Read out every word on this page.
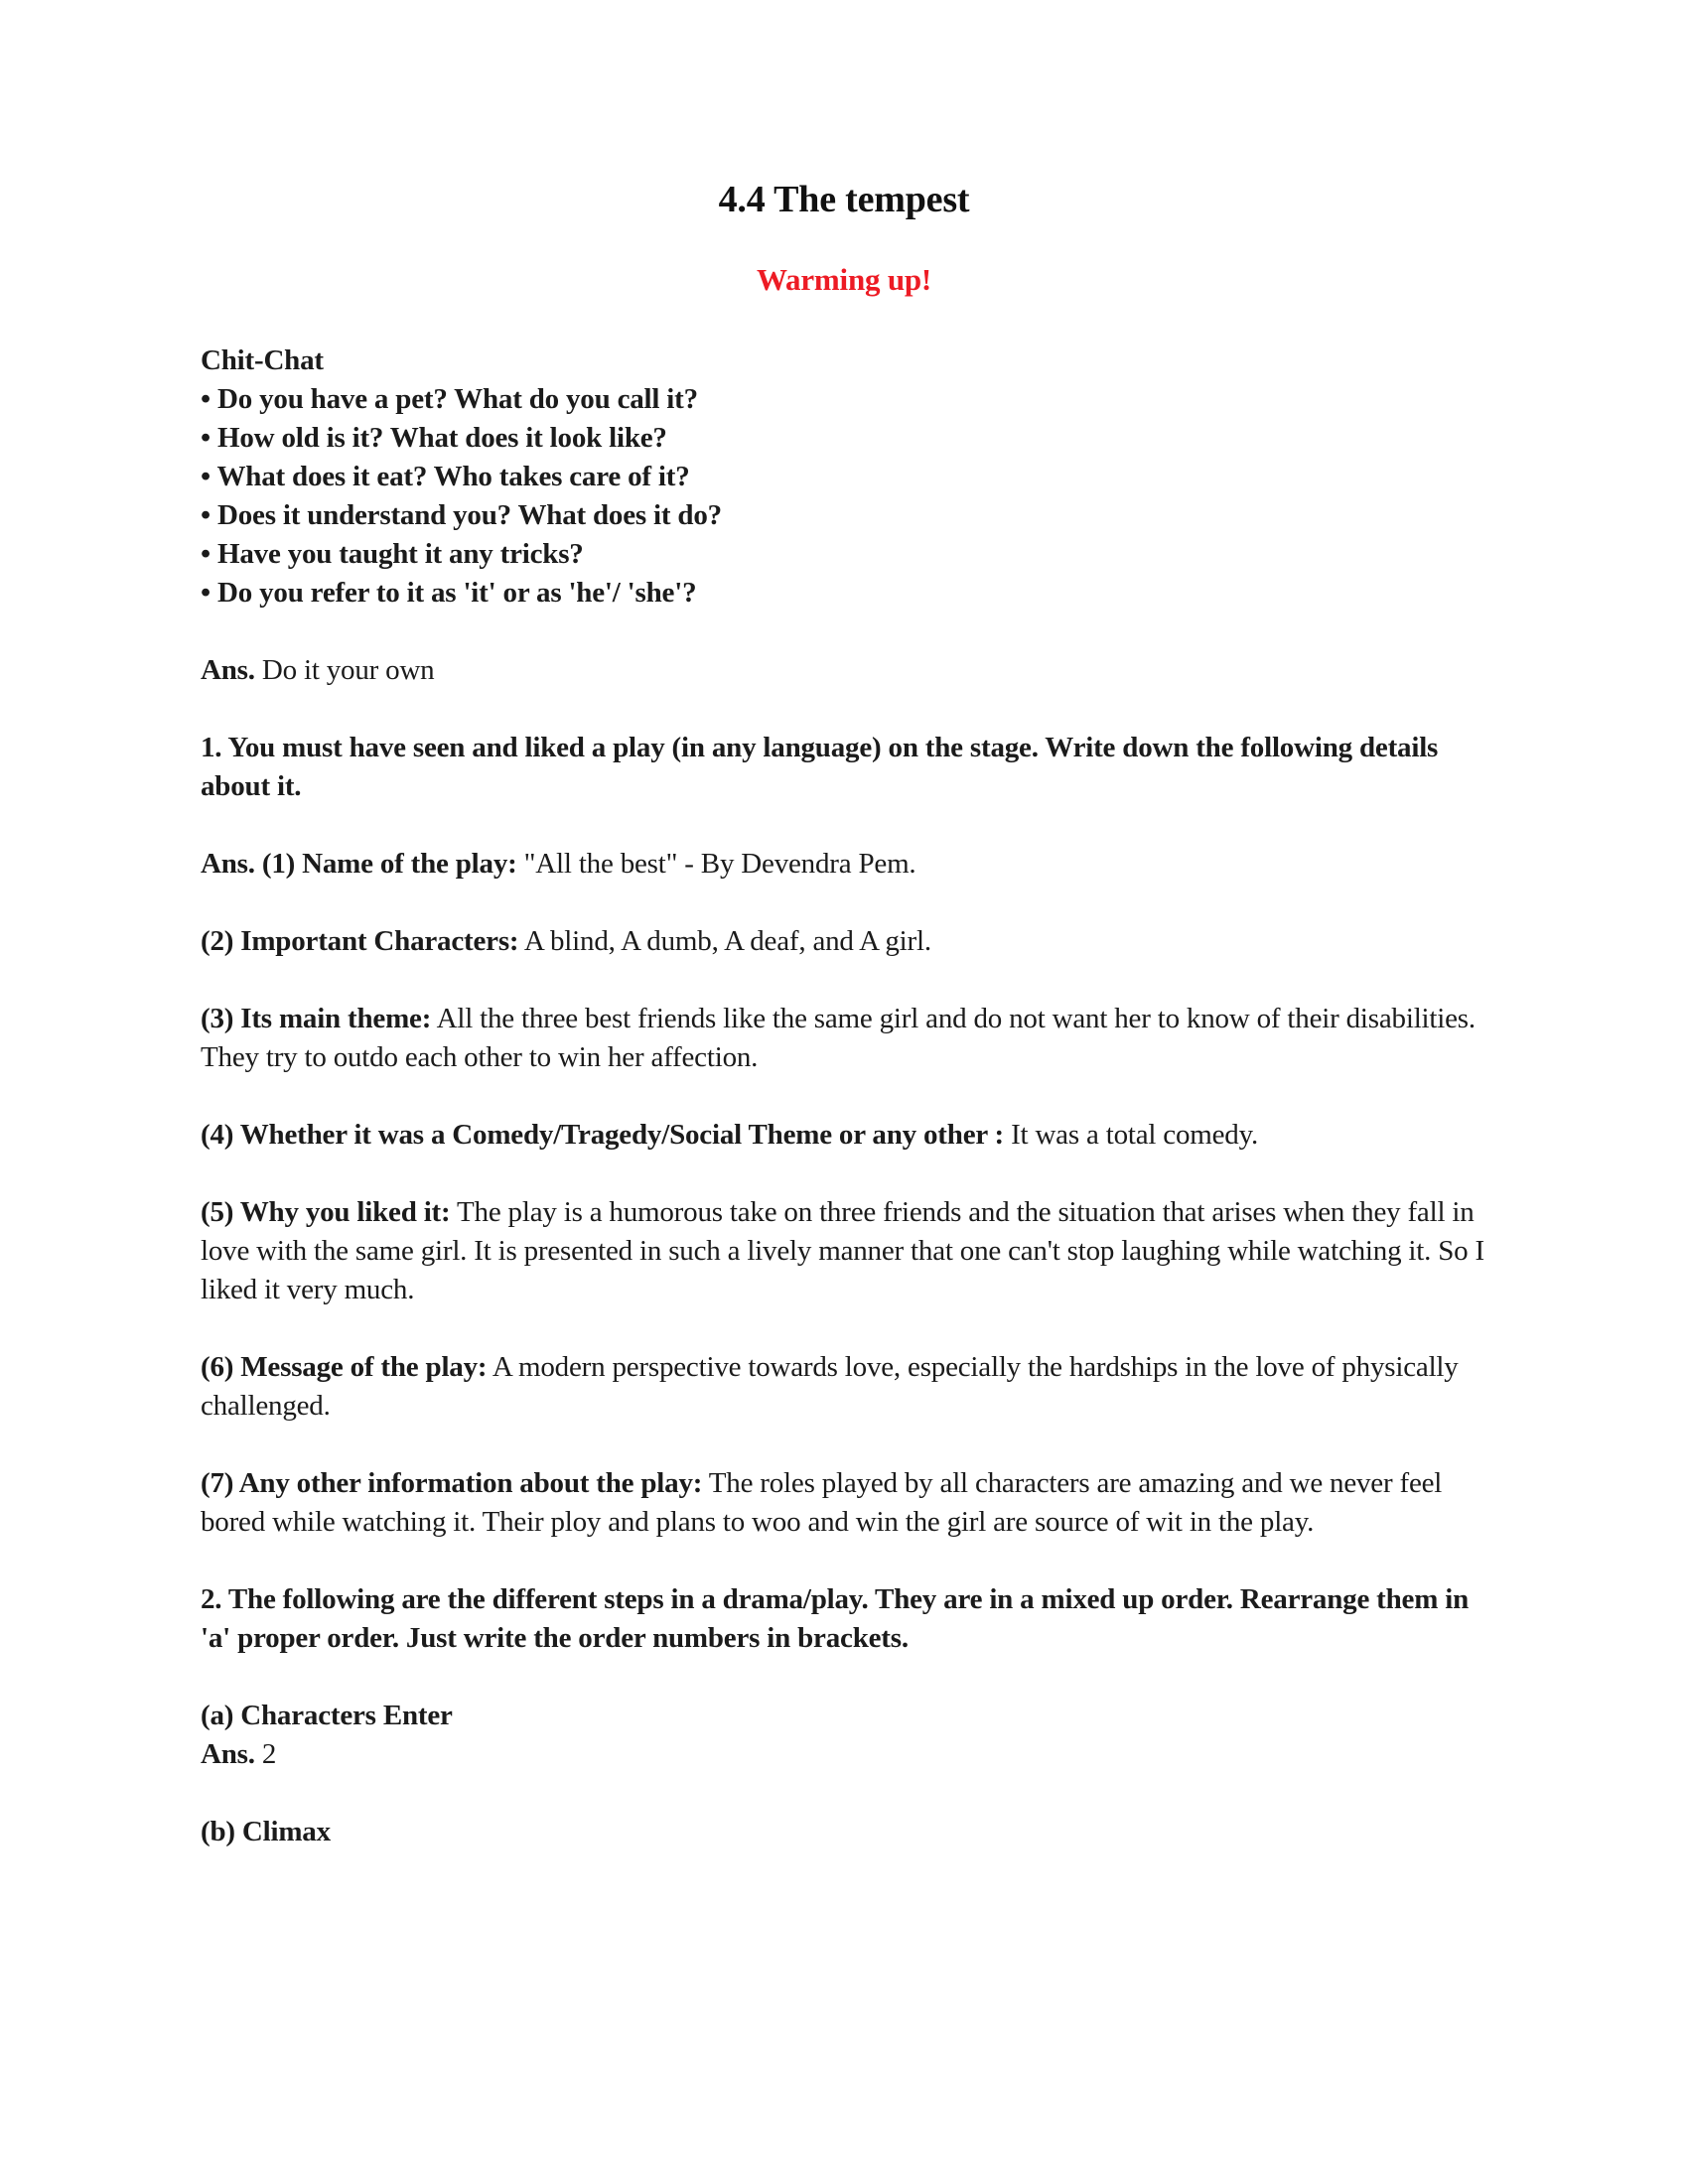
4.4 The tempest
Warming up!

Chit-Chat

• Do you have a pet? What do you call it?

• How old is it? What does it look like?

• What does it eat? Who takes care of it?

• Does it understand you? What does it do?

• Have you taught it any tricks?

• Do you refer to it as 'it' or as 'he'/ 'she'?

Ans. Do it your own

1. You must have seen and liked a play (in any language) on the stage. Write down the following details about it.

Ans. (1) Name of the play: "All the best" - By Devendra Pem.

(2) Important Characters: A blind, A dumb, A deaf, and A girl.

(3) Its main theme: All the three best friends like the same girl and do not want her to know of their disabilities. They try to outdo each other to win her affection.

(4) Whether it was a Comedy/Tragedy/Social Theme or any other : It was a total comedy.

(5) Why you liked it: The play is a humorous take on three friends and the situation that arises when they fall in love with the same girl. It is presented in such a lively manner that one can't stop laughing while watching it. So I liked it very much.

(6) Message of the play: A modern perspective towards love, especially the hardships in the love of physically challenged.

(7) Any other information about the play: The roles played by all characters are amazing and we never feel bored while watching it. Their ploy and plans to woo and win the girl are source of wit in the play.

2. The following are the different steps in a drama/play. They are in a mixed up order. Rearrange them in 'a' proper order. Just write the order numbers in brackets.

(a) Characters Enter

Ans. 2

(b) Climax
